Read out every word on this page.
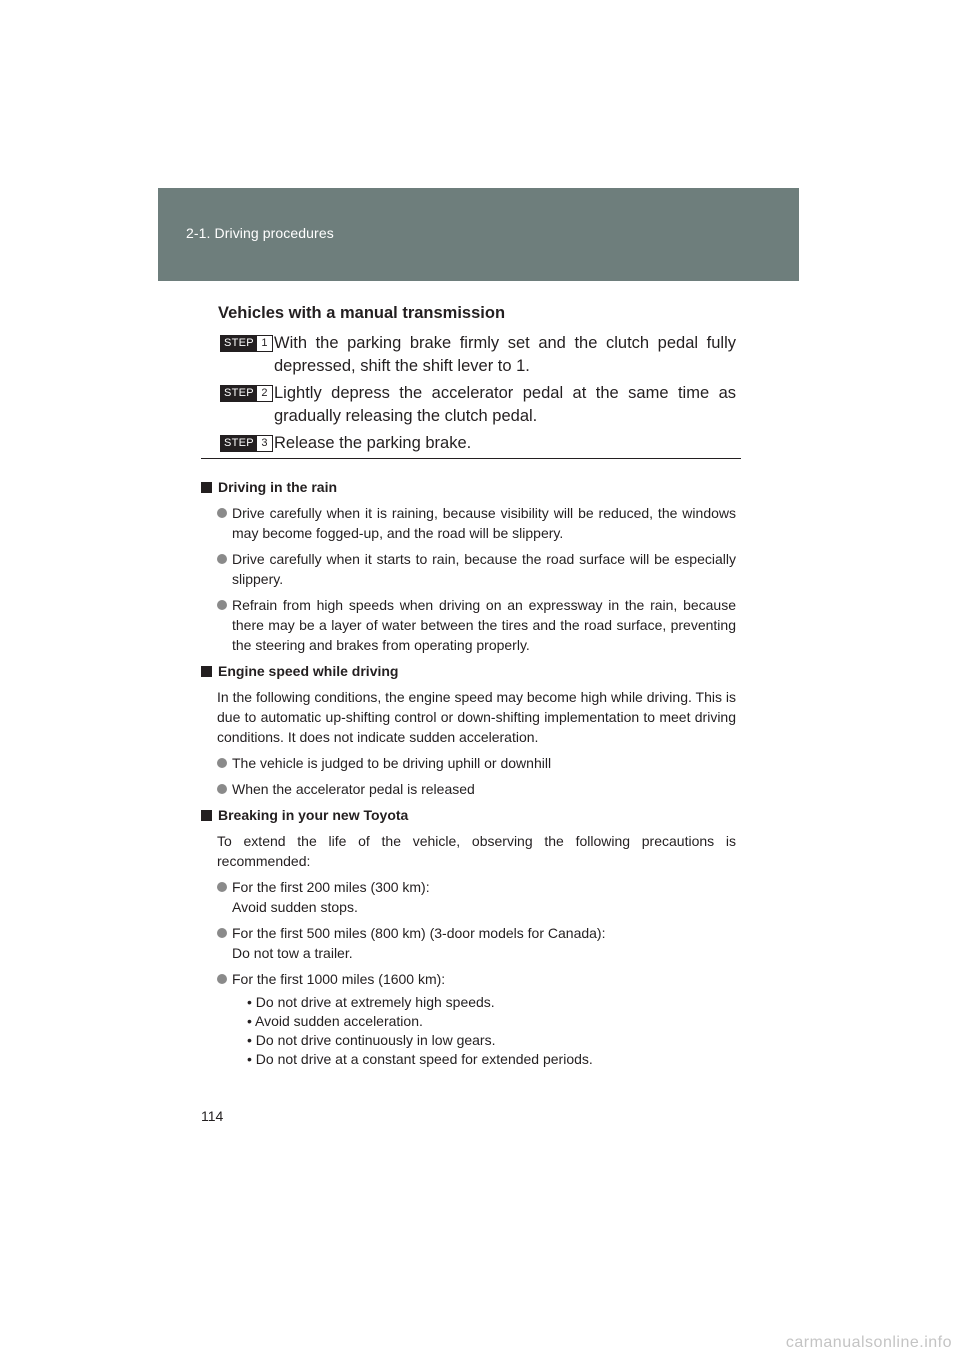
2-1. Driving procedures
Vehicles with a manual transmission
STEP 1 With the parking brake firmly set and the clutch pedal fully depressed, shift the shift lever to 1.
STEP 2 Lightly depress the accelerator pedal at the same time as gradually releasing the clutch pedal.
STEP 3 Release the parking brake.
Driving in the rain
Drive carefully when it is raining, because visibility will be reduced, the windows may become fogged-up, and the road will be slippery.
Drive carefully when it starts to rain, because the road surface will be especially slippery.
Refrain from high speeds when driving on an expressway in the rain, because there may be a layer of water between the tires and the road surface, preventing the steering and brakes from operating properly.
Engine speed while driving
In the following conditions, the engine speed may become high while driving. This is due to automatic up-shifting control or down-shifting implementation to meet driving conditions. It does not indicate sudden acceleration.
The vehicle is judged to be driving uphill or downhill
When the accelerator pedal is released
Breaking in your new Toyota
To extend the life of the vehicle, observing the following precautions is recommended:
For the first 200 miles (300 km):
Avoid sudden stops.
For the first 500 miles (800 km) (3-door models for Canada):
Do not tow a trailer.
For the first 1000 miles (1600 km):
• Do not drive at extremely high speeds.
• Avoid sudden acceleration.
• Do not drive continuously in low gears.
• Do not drive at a constant speed for extended periods.
114
carmanualsonline.info
